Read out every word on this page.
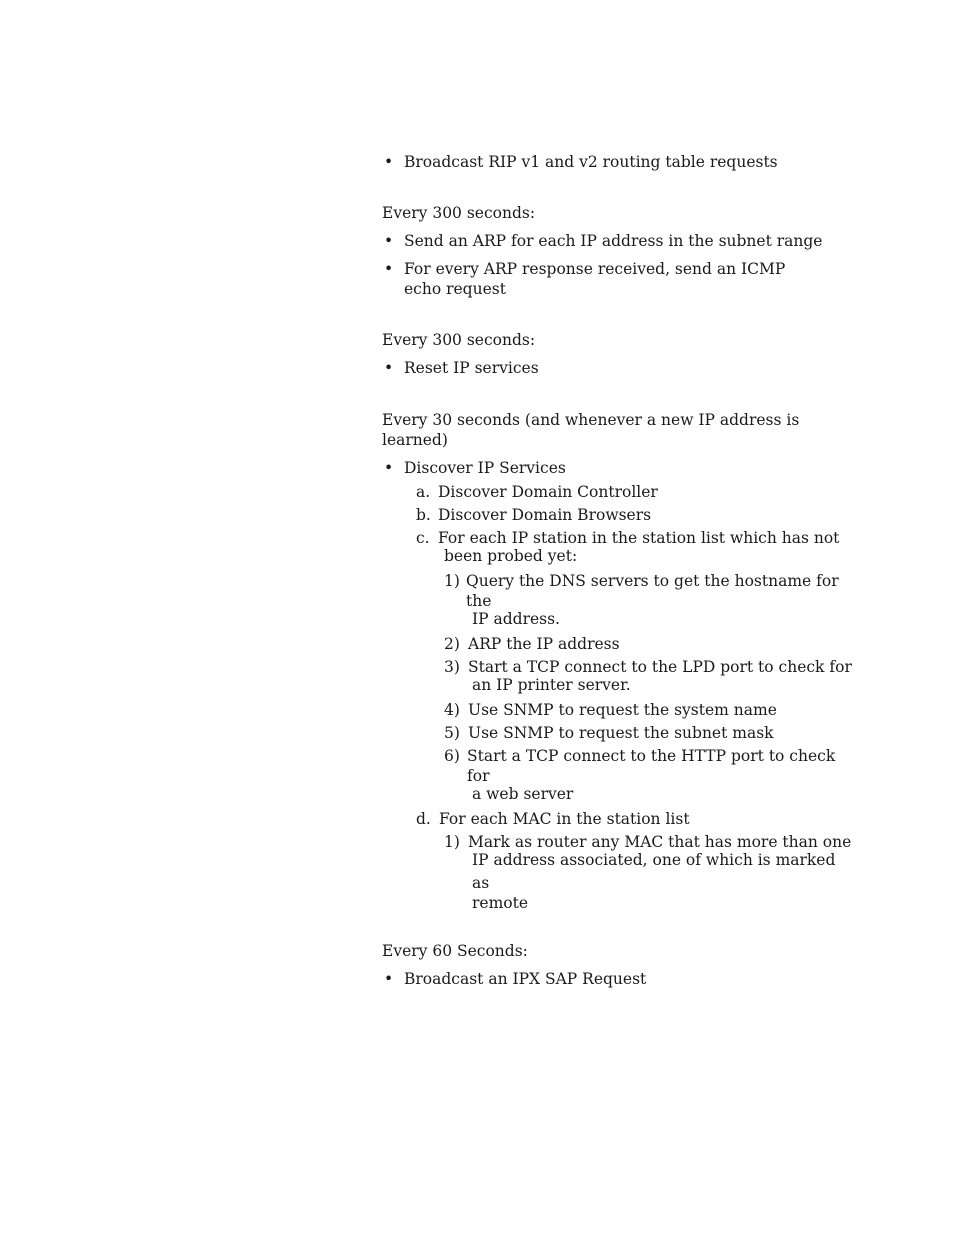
• Broadcast RIP v1 and v2 routing table requests

Every 300 seconds:

• Send an ARP for each IP address in the subnet range

• For every ARP response received, send an ICMP echo request

Every 300 seconds:

• Reset IP services

Every 30 seconds (and whenever a new IP address is learned)

• Discover IP Services

a. Discover Domain Controller
b. Discover Domain Browsers
c. For each IP station in the station list which has not
been probed yet:
1) Query the DNS servers to get the hostname for the
IP address.
2) ARP the IP address
3) Start a TCP connect to the LPD port to check for
an IP printer server.
4) Use SNMP to request the system name
5) Use SNMP to request the subnet mask
6) Start a TCP connect to the HTTP port to check for
a web server
d. For each MAC in the station list
1) Mark as router any MAC that has more than one
IP address associated, one of which is marked as
remote

Every 60 Seconds:

• Broadcast an IPX SAP Request
